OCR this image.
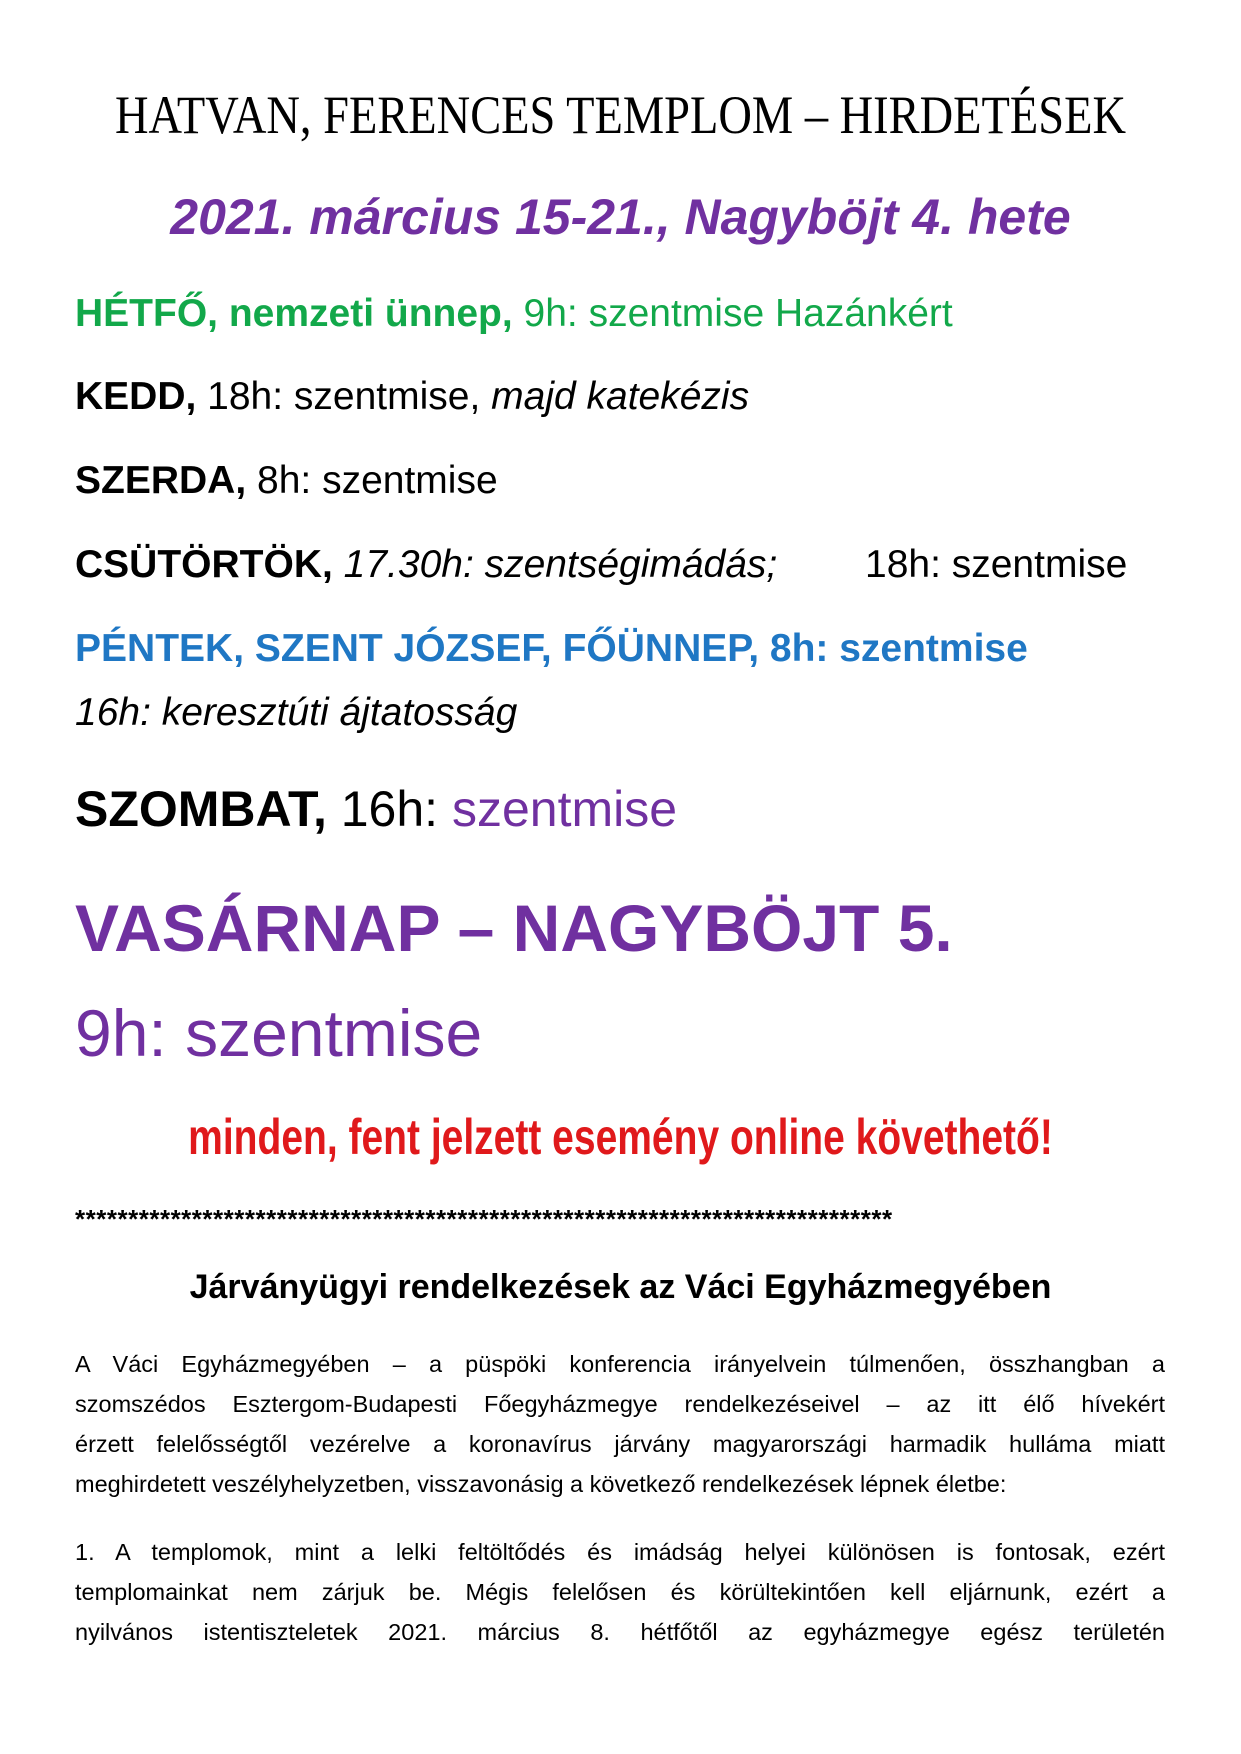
HATVAN, FERENCES TEMPLOM – HIRDETÉSEK
2021. március 15-21., Nagyböjt 4. hete
HÉTFŐ, nemzeti ünnep, 9h: szentmise Hazánkért
KEDD, 18h: szentmise, majd katekézis
SZERDA, 8h: szentmise
CSÜTÖRTÖK, 17.30h: szentségimádás; 18h: szentmise
PÉNTEK, SZENT JÓZSEF, FŐÜNNEP, 8h: szentmise
16h: keresztúti ájtatosság
SZOMBAT, 16h: szentmise
VASÁRNAP – NAGYBÖJT 5.
9h: szentmise
minden, fent jelzett esemény online követhető!
*****************************************************************************
Járványügyi rendelkezések az Váci Egyházmegyében
A Váci Egyházmegyében – a püspöki konferencia irányelvein túlmenően, összhangban a
szomszédos Esztergom-Budapesti Főegyházmegye rendelkezéseivel – az itt élő hívekért
érzett felelősségtől vezérelve a koronavírus járvány magyarországi harmadik hulláma miatt
meghirdetett veszélyhelyzetben, visszavonásig a következő rendelkezések lépnek életbe:
1. A templomok, mint a lelki feltöltődés és imádság helyei különösen is fontosak, ezért
templomainkat nem zárjuk be. Mégis felelősen és körültekintően kell eljárnunk, ezért a
nyilvános istentiszteletek 2021. március 8. hétfőtől az egyházmegye egész területén
